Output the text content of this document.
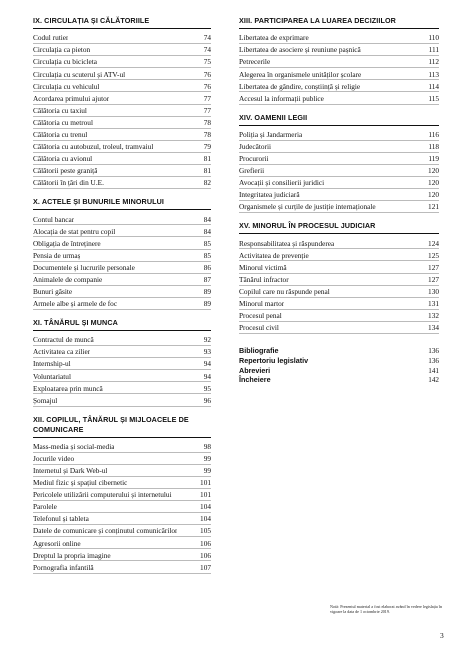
IX. CIRCULAȚIA ȘI CĂLĂTORIILE
Codul rutier	74
Circulația ca pieton	74
Circulația cu bicicleta	75
Circulația cu scuterul și ATV-ul	76
Circulația cu vehiculul	76
Acordarea primului ajutor	77
Călătoria cu taxiul	77
Călătoria cu metroul	78
Călătoria cu trenul	78
Călătoria cu autobuzul, troleul, tramvaiul	79
Călătoria cu avionul	81
Călătorii peste graniță	81
Călătorii în țări din U.E.	82
X. ACTELE ȘI BUNURILE MINORULUI
Contul bancar	84
Alocația de stat pentru copil	84
Obligația de întreținere	85
Pensia de urmaș	85
Documentele și lucrurile personale	86
Animalele de companie	87
Bunuri găsite	89
Armele albe și armele de foc	89
XI. TÂNĂRUL ȘI MUNCA
Contractul de muncă	92
Activitatea ca zilier	93
Internship-ul	94
Voluntariatul	94
Exploatarea prin muncă	95
Șomajul	96
XII. COPILUL, TÂNĂRUL ȘI MIJLOACELE DE COMUNICARE
Mass-media și social-media	98
Jocurile video	99
Internetul și Dark Web-ul	99
Mediul fizic și spațiul cibernetic	101
Pericolele utilizării computerului și internetului	101
Parolele	104
Telefonul și tableta	104
Datele de comunicare și conținutul comunicărilor	105
Agresorii online	106
Dreptul la propria imagine	106
Pornografia infantilă	107
XIII. PARTICIPAREA LA LUAREA DECIZIILOR
Libertatea de exprimare	110
Libertatea de asociere și reuniune pașnică	111
Petrecerile	112
Alegerea în organismele unităților școlare	113
Libertatea de gândire, conștiință și religie	114
Accesul la informații publice	115
XIV. OAMENII LEGII
Poliția și Jandarmeria	116
Judecătorii	118
Procurorii	119
Grefierii	120
Avocații și consilierii juridici	120
Integritatea judiciară	120
Organismele și curțile de justiție internaționale	121
XV. MINORUL ÎN PROCESUL JUDICIAR
Responsabilitatea și răspunderea	124
Activitatea de prevenție	125
Minorul victimă	127
Tânărul infractor	127
Copilul care nu răspunde penal	130
Minorul martor	131
Procesul penal	132
Procesul civil	134
Bibliografie	136
Repertoriu legislativ	136
Abrevieri	141
Încheiere	142
Notă: Prezentul material a fost elaborat având în vedere legislația în vigoare la data de 1 octombrie 2019.
3
